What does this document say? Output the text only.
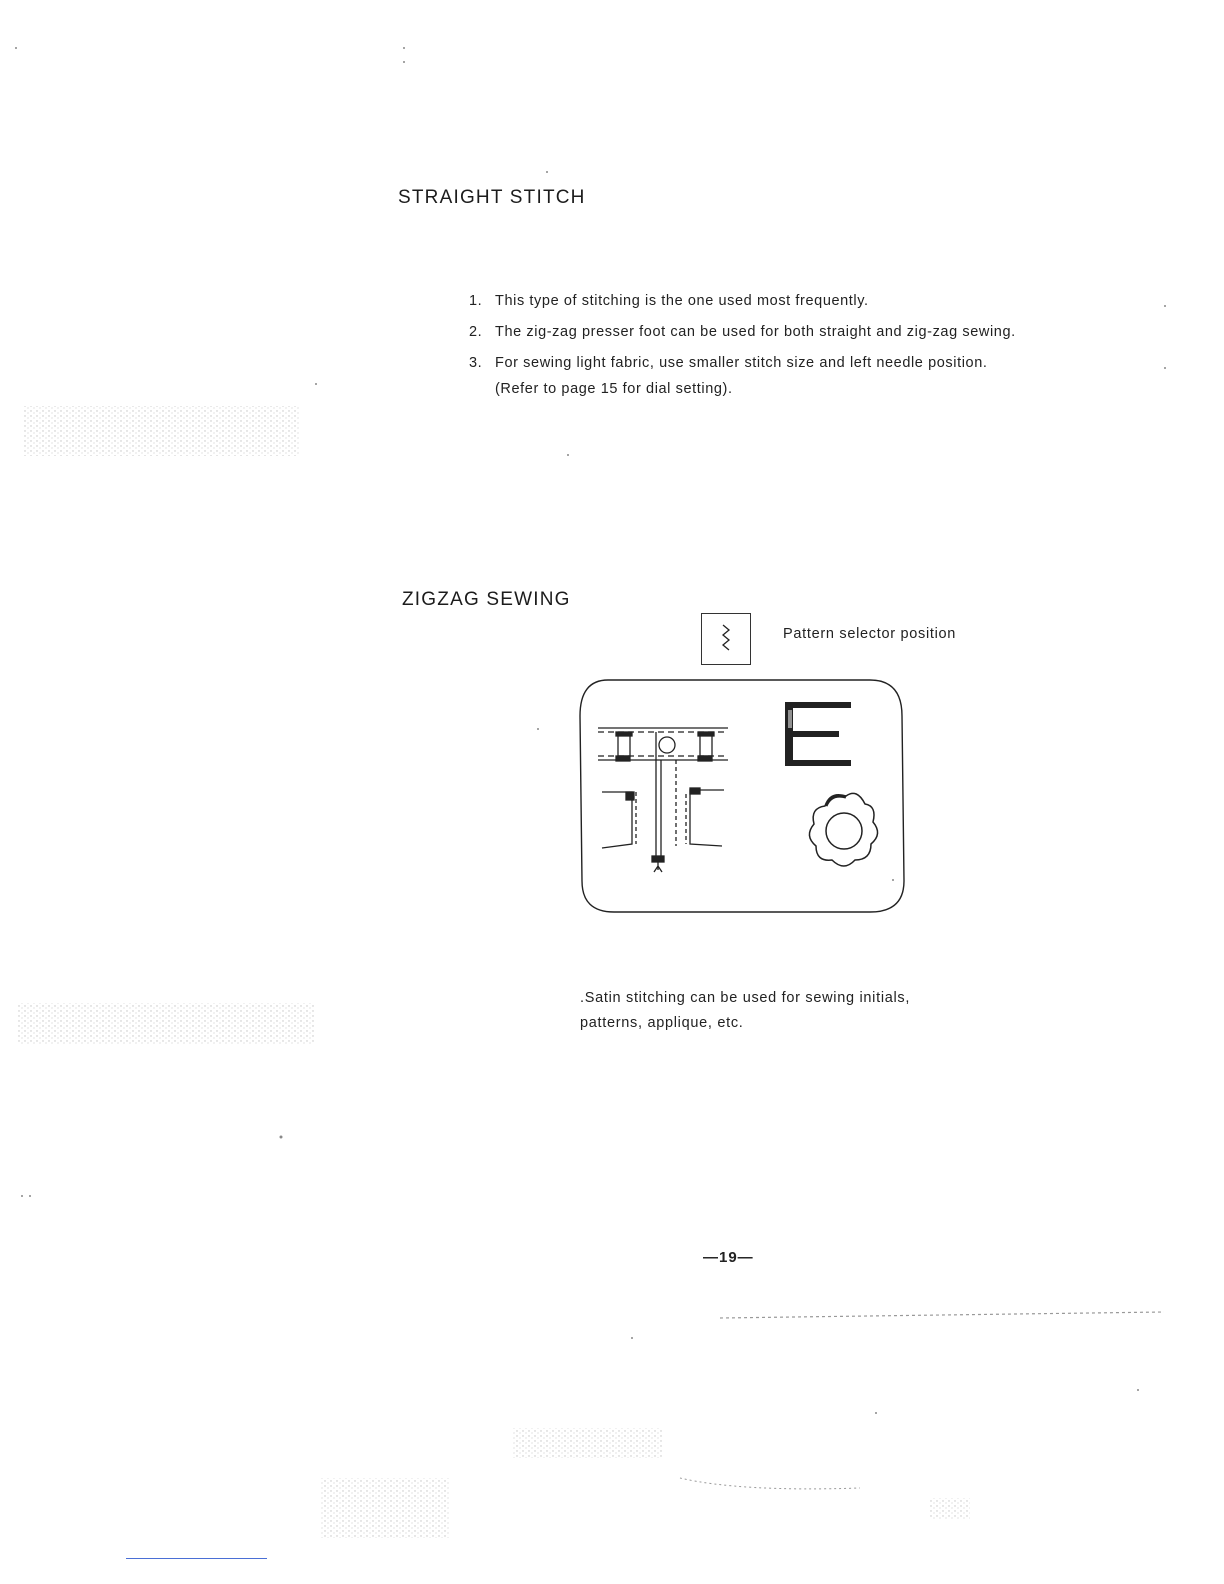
STRAIGHT STITCH
1. This type of stitching is the one used most frequently.
2. The zig-zag presser foot can be used for both straight and zig-zag sewing.
3. For sewing light fabric, use smaller stitch size and left needle position.
(Refer to page 15 for dial setting).
ZIGZAG SEWING
Pattern selector position
.Satin stitching can be used for sewing initials,
patterns, applique, etc.
—19—
